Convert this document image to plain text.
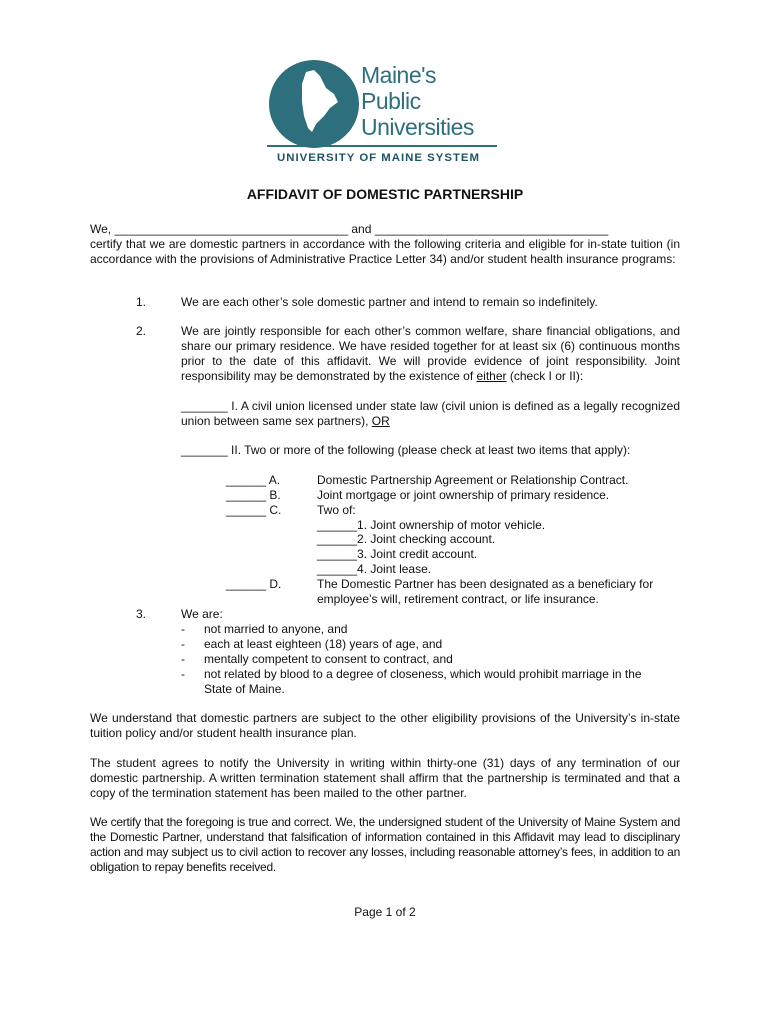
Maine's
Public
Universities
UNIVERSITY OF MAINE SYSTEM
AFFIDAVIT OF DOMESTIC PARTNERSHIP
We, ___________________________________ and ___________________________________
certify that we are domestic partners in accordance with the following criteria and eligible for in-state tuition (in accordance with the provisions of Administrative Practice Letter 34) and/or student health insurance programs:
1.	We are each other’s sole domestic partner and intend to remain so indefinitely.
2.	We are jointly responsible for each other’s common welfare, share financial obligations, and share our primary residence. We have resided together for at least six (6) continuous months prior to the date of this affidavit. We will provide evidence of joint responsibility. Joint responsibility may be demonstrated by the existence of either (check I or II):
_______ I. A civil union licensed under state law (civil union is defined as a legally recognized union between same sex partners), OR
_______ II. Two or more of the following (please check at least two items that apply):
______ A.	Domestic Partnership Agreement or Relationship Contract.
______ B.	Joint mortgage or joint ownership of primary residence.
______ C.	Two of:
______1. Joint ownership of motor vehicle.
______2. Joint checking account.
______3. Joint credit account.
______4. Joint lease.
______ D.	The Domestic Partner has been designated as a beneficiary for
employee’s will, retirement contract, or life insurance.
3.	We are:
- not married to anyone, and
- each at least eighteen (18) years of age, and
- mentally competent to consent to contract, and
- not related by blood to a degree of closeness, which would prohibit marriage in the
State of Maine.
We understand that domestic partners are subject to the other eligibility provisions of the University’s in-state tuition policy and/or student health insurance plan.
The student agrees to notify the University in writing within thirty-one (31) days of any termination of our domestic partnership. A written termination statement shall affirm that the partnership is terminated and that a copy of the termination statement has been mailed to the other partner.
We certify that the foregoing is true and correct. We, the undersigned student of the University of Maine System and the Domestic Partner, understand that falsification of information contained in this Affidavit may lead to disciplinary action and may subject us to civil action to recover any losses, including reasonable attorney’s fees, in addition to an obligation to repay benefits received.
Page 1 of 2
